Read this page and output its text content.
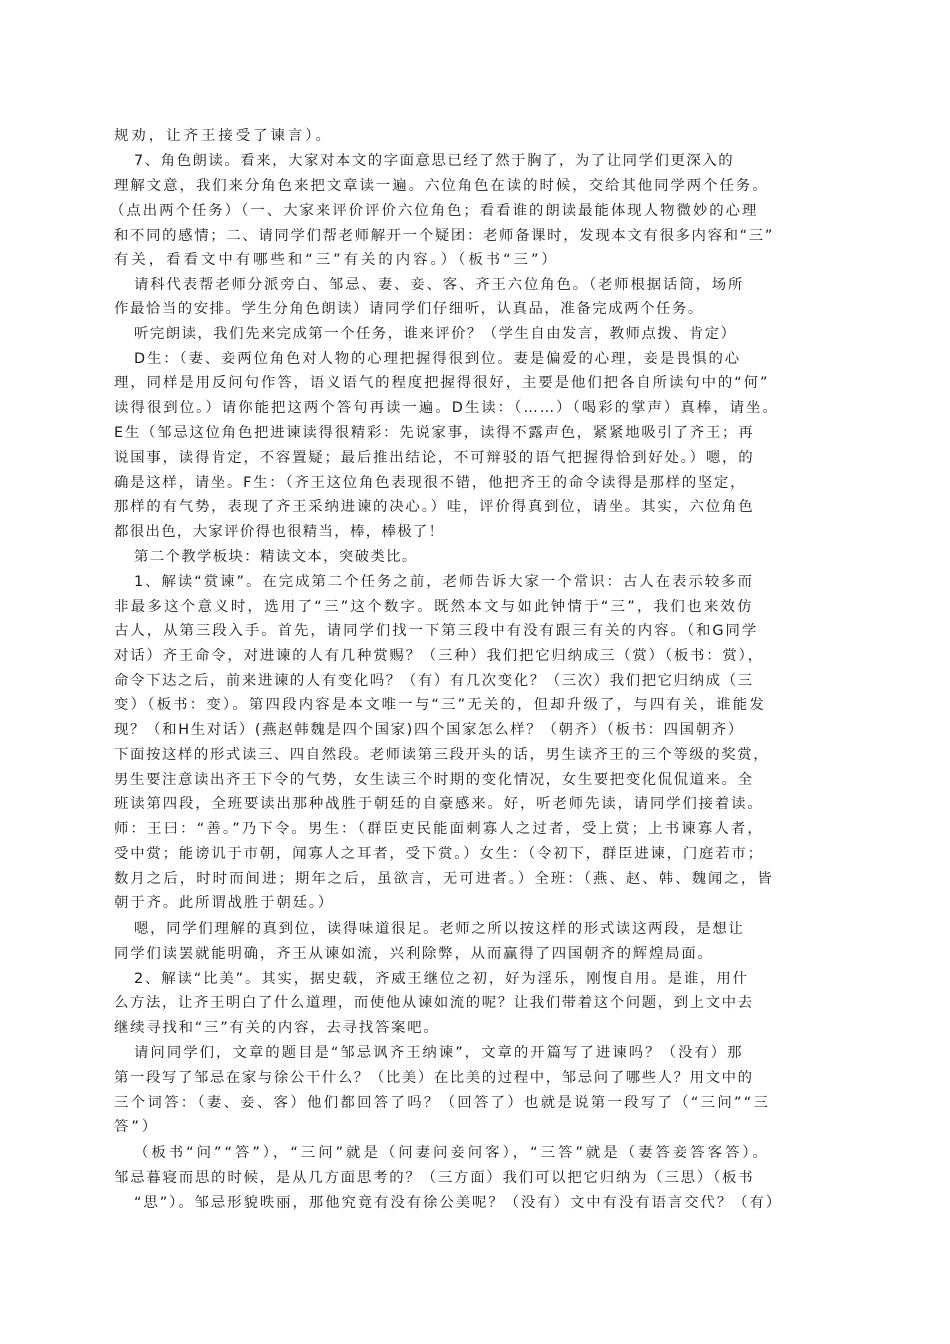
规劝，让齐王接受了谏言）。
7、角色朗读。看来，大家对本文的字面意思已经了然于胸了，为了让同学们更深入的
理解文意，我们来分角色来把文章读一遍。六位角色在读的时候，交给其他同学两个任务。
（点出两个任务）（一、大家来评价评价六位角色；看看谁的朗读最能体现人物微妙的心理
和不同的感情；二、请同学们帮老师解开一个疑团：老师备课时，发现本文有很多内容和“三”
有关，看看文中有哪些和“三”有关的内容。）（板书“三”）
请科代表帮老师分派旁白、邹忌、妻、妾、客、齐王六位角色。（老师根据话筒，场所
作最恰当的安排。学生分角色朗读）请同学们仔细听，认真品，准备完成两个任务。
听完朗读，我们先来完成第一个任务，谁来评价？（学生自由发言，教师点拨、肯定）
D生：（妻、妾两位角色对人物的心理把握得很到位。妻是偏爱的心理，妾是畏惧的心
理，同样是用反问句作答，语义语气的程度把握得很好，主要是他们把各自所读句中的“何”
读得很到位。）请你能把这两个答句再读一遍。D生读：（……）（喝彩的掌声）真棒，请坐。
E生（邹忌这位角色把进谏读得很精彩：先说家事，读得不露声色，紧紧地吸引了齐王；再
说国事，读得肯定，不容置疑；最后推出结论，不可辩驳的语气把握得恰到好处。）嗯，的
确是这样，请坐。F生：（齐王这位角色表现很不错，他把齐王的命令读得是那样的坚定，
那样的有气势，表现了齐王采纳进谏的决心。）哇，评价得真到位，请坐。其实，六位角色
都很出色，大家评价得也很精当，棒，棒极了！
第二个教学板块：精读文本，突破类比。
1、解读“赏谏”。在完成第二个任务之前，老师告诉大家一个常识：古人在表示较多而
非最多这个意义时，选用了“三”这个数字。既然本文与如此钟情于“三”，我们也来效仿
古人，从第三段入手。首先，请同学们找一下第三段中有没有跟三有关的内容。（和G同学
对话）齐王命令，对进谏的人有几种赏赐？（三种）我们把它归纳成三（赏）（板书：赏），
命令下达之后，前来进谏的人有变化吗？（有）有几次变化？（三次）我们把它归纳成（三
变）（板书：变）。第四段内容是本文唯一与“三”无关的，但却升级了，与四有关，谁能发
现？（和H生对话）(燕赵韩魏是四个国家)四个国家怎么样？（朝齐）（板书：四国朝齐）
下面按这样的形式读三、四自然段。老师读第三段开头的话，男生读齐王的三个等级的奖赏，
男生要注意读出齐王下令的气势，女生读三个时期的变化情况，女生要把变化侃侃道来。全
班读第四段，全班要读出那种战胜于朝廷的自豪感来。好，听老师先读，请同学们接着读。
师：王曰：“善。”乃下令。男生：（群臣吏民能面刺寡人之过者，受上赏；上书谏寡人者，
受中赏；能谤讥于市朝，闻寡人之耳者，受下赏。）女生：（令初下，群臣进谏，门庭若市；
数月之后，时时而间进；期年之后，虽欲言，无可进者。）全班：（燕、赵、韩、魏闻之，皆
朝于齐。此所谓战胜于朝廷。）
嗯，同学们理解的真到位，读得味道很足。老师之所以按这样的形式读这两段，是想让
同学们读罢就能明确，齐王从谏如流，兴利除弊，从而赢得了四国朝齐的辉煌局面。
2、解读“比美”。其实，据史载，齐威王继位之初，好为淫乐，刚愎自用。是谁，用什
么方法，让齐王明白了什么道理，而使他从谏如流的呢？让我们带着这个问题，到上文中去
继续寻找和“三”有关的内容，去寻找答案吧。
请问同学们，文章的题目是“邹忌讽齐王纳谏”，文章的开篇写了进谏吗？（没有）那
第一段写了邹忌在家与徐公干什么？（比美）在比美的过程中，邹忌问了哪些人？用文中的
三个词答：（妻、妾、客）他们都回答了吗？（回答了）也就是说第一段写了（“三问”“三
答”）
（板书“问”“答”），“三问”就是（问妻问妾问客），“三答”就是（妻答妾答客答）。
邹忌暮寝而思的时候，是从几方面思考的？（三方面）我们可以把它归纳为（三思）（板书
“思”）。邹忌形貌昳丽，那他究竟有没有徐公美呢？（没有）文中有没有语言交代？（有）
